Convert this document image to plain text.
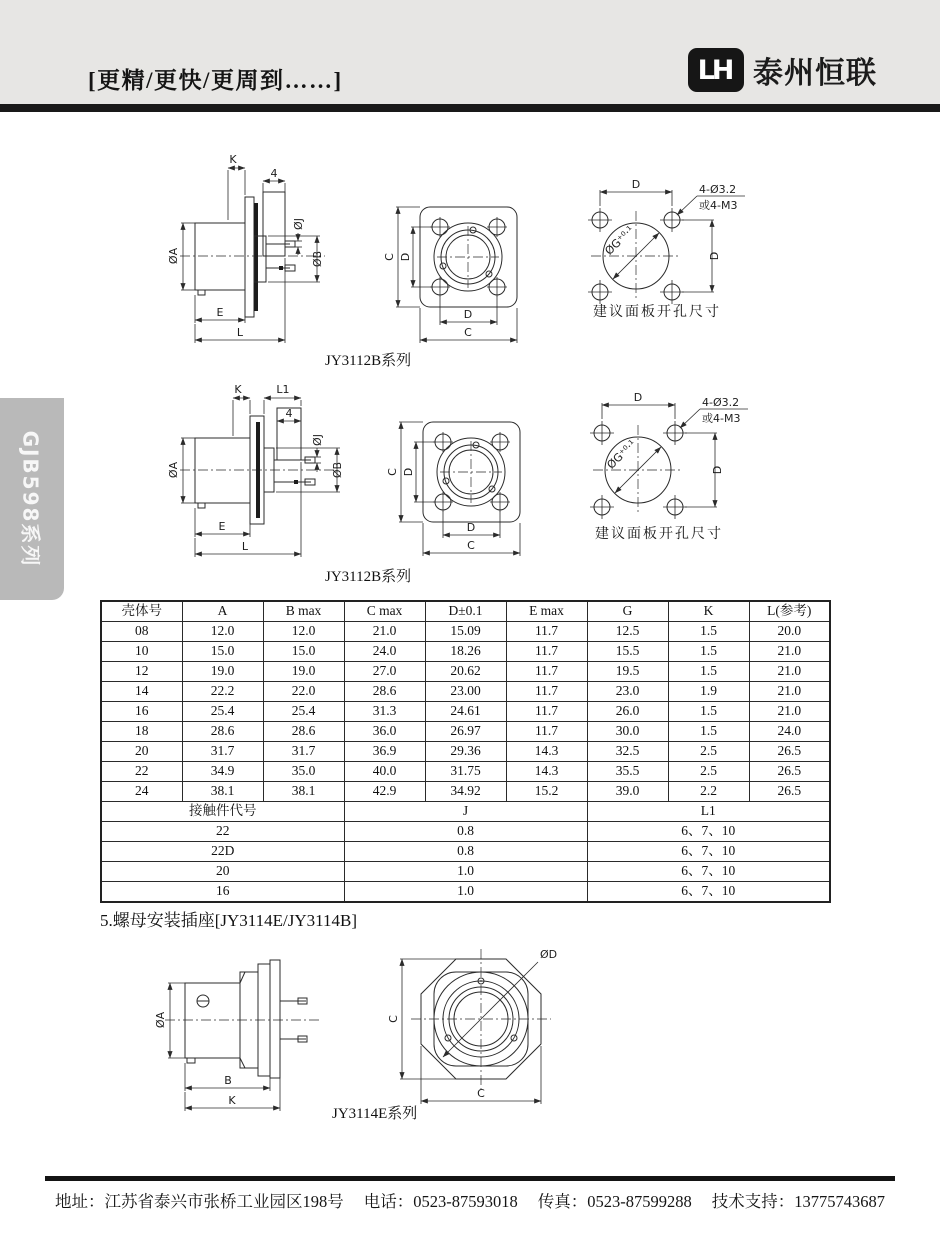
[更精/更快/更周到……]	LH 泰州恒联
GJB598系列
K
4
ØA
ØJ
ØB
E
L
C D
D
C
ØG⁺⁰·¹
D
D
4-Ø3.2
或4-M3
建议面板开孔尺寸
JY3112B系列
K	L1
4
ØA
ØJ
ØB
E
L
C D
D
C
ØG⁺⁰·¹
D
D
4-Ø3.2
或4-M3
建议面板开孔尺寸
JY3112B系列
壳体号	A	B max	C max	D±0.1	E max	G	K	L(参考)
08	12.0	12.0	21.0	15.09	11.7	12.5	1.5	20.0
10	15.0	15.0	24.0	18.26	11.7	15.5	1.5	21.0
12	19.0	19.0	27.0	20.62	11.7	19.5	1.5	21.0
14	22.2	22.0	28.6	23.00	11.7	23.0	1.9	21.0
16	25.4	25.4	31.3	24.61	11.7	26.0	1.5	21.0
18	28.6	28.6	36.0	26.97	11.7	30.0	1.5	24.0
20	31.7	31.7	36.9	29.36	14.3	32.5	2.5	26.5
22	34.9	35.0	40.0	31.75	14.3	35.5	2.5	26.5
24	38.1	38.1	42.9	34.92	15.2	39.0	2.2	26.5
接触件代号			J			L1		
22			0.8			6、7、10		
22D			0.8			6、7、10		
20			1.0			6、7、10		
16			1.0			6、7、10		
5.螺母安装插座[JY3114E/JY3114B]
ØA
B
K
ØD
C
C
JY3114E系列
地址：江苏省泰兴市张桥工业园区198号 电话：0523-87593018 传真：0523-87599288 技术支持：13775743687
